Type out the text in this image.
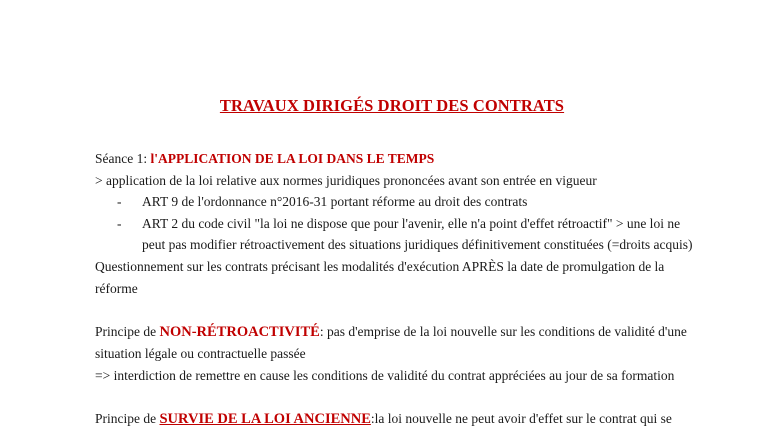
TRAVAUX DIRIGÉS DROIT DES CONTRATS
Séance 1: l'APPLICATION DE LA LOI DANS LE TEMPS
> application de la loi relative aux normes juridiques prononcées avant son entrée en vigueur
- ART 9 de l'ordonnance n°2016-31 portant réforme au droit des contrats
- ART 2 du code civil "la loi ne dispose que pour l'avenir, elle n'a point d'effet rétroactif" > une loi ne peut pas modifier rétroactivement des situations juridiques définitivement constituées (=droits acquis)
Questionnement sur les contrats précisant les modalités d'exécution APRÈS la date de promulgation de la
réforme
Principe de NON-RÉTROACTIVITÉ: pas d'emprise de la loi nouvelle sur les conditions de validité d'une
situation légale ou contractuelle passée
=> interdiction de remettre en cause les conditions de validité du contrat appréciées au jour de sa formation
Principe de SURVIE DE LA LOI ANCIENNE:la loi nouvelle ne peut avoir d'effet sur le contrat qui se
